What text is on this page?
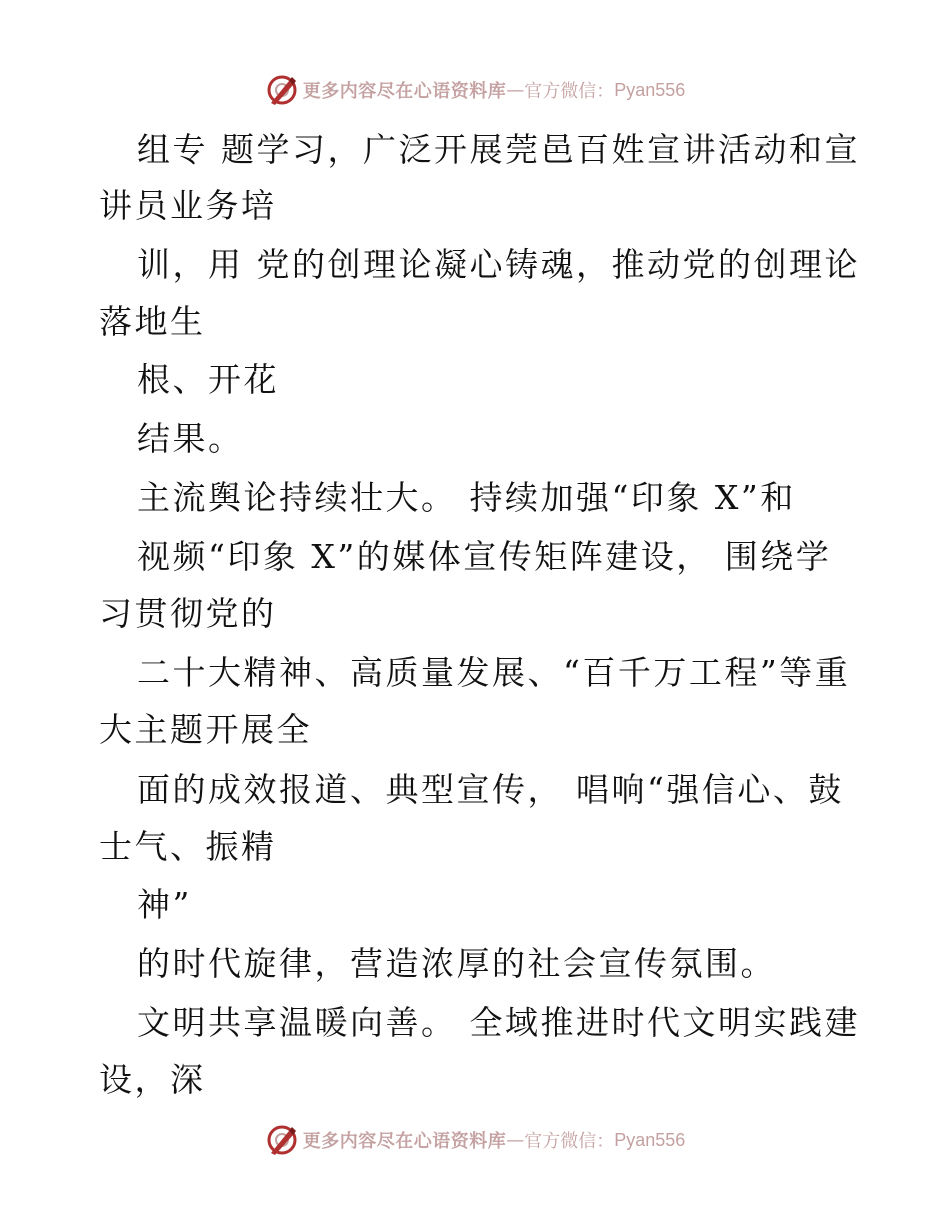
更多内容尽在心语资料库 — 官方微信： Pyan556
组专 题学习，广泛开展莞邑百姓宣讲活动和宣
讲员业务培
训，用 党的创理论凝心铸魂，推动党的创理论
落地生
根、开花
结果。
主流舆论持续壮大。 持续加强“印象 X”和
视频“印象 X”的媒体宣传矩阵建设， 围绕学
习贯彻党的
二十大精神、高质量发展、“百千万工程”等重
大主题开展全
面的成效报道、典型宣传， 唱响“强信心、鼓
士气、振精
神”
的时代旋律，营造浓厚的社会宣传氛围。
文明共享温暖向善。 全域推进时代文明实践建
设，深
更多内容尽在心语资料库 — 官方微信： Pyan556
